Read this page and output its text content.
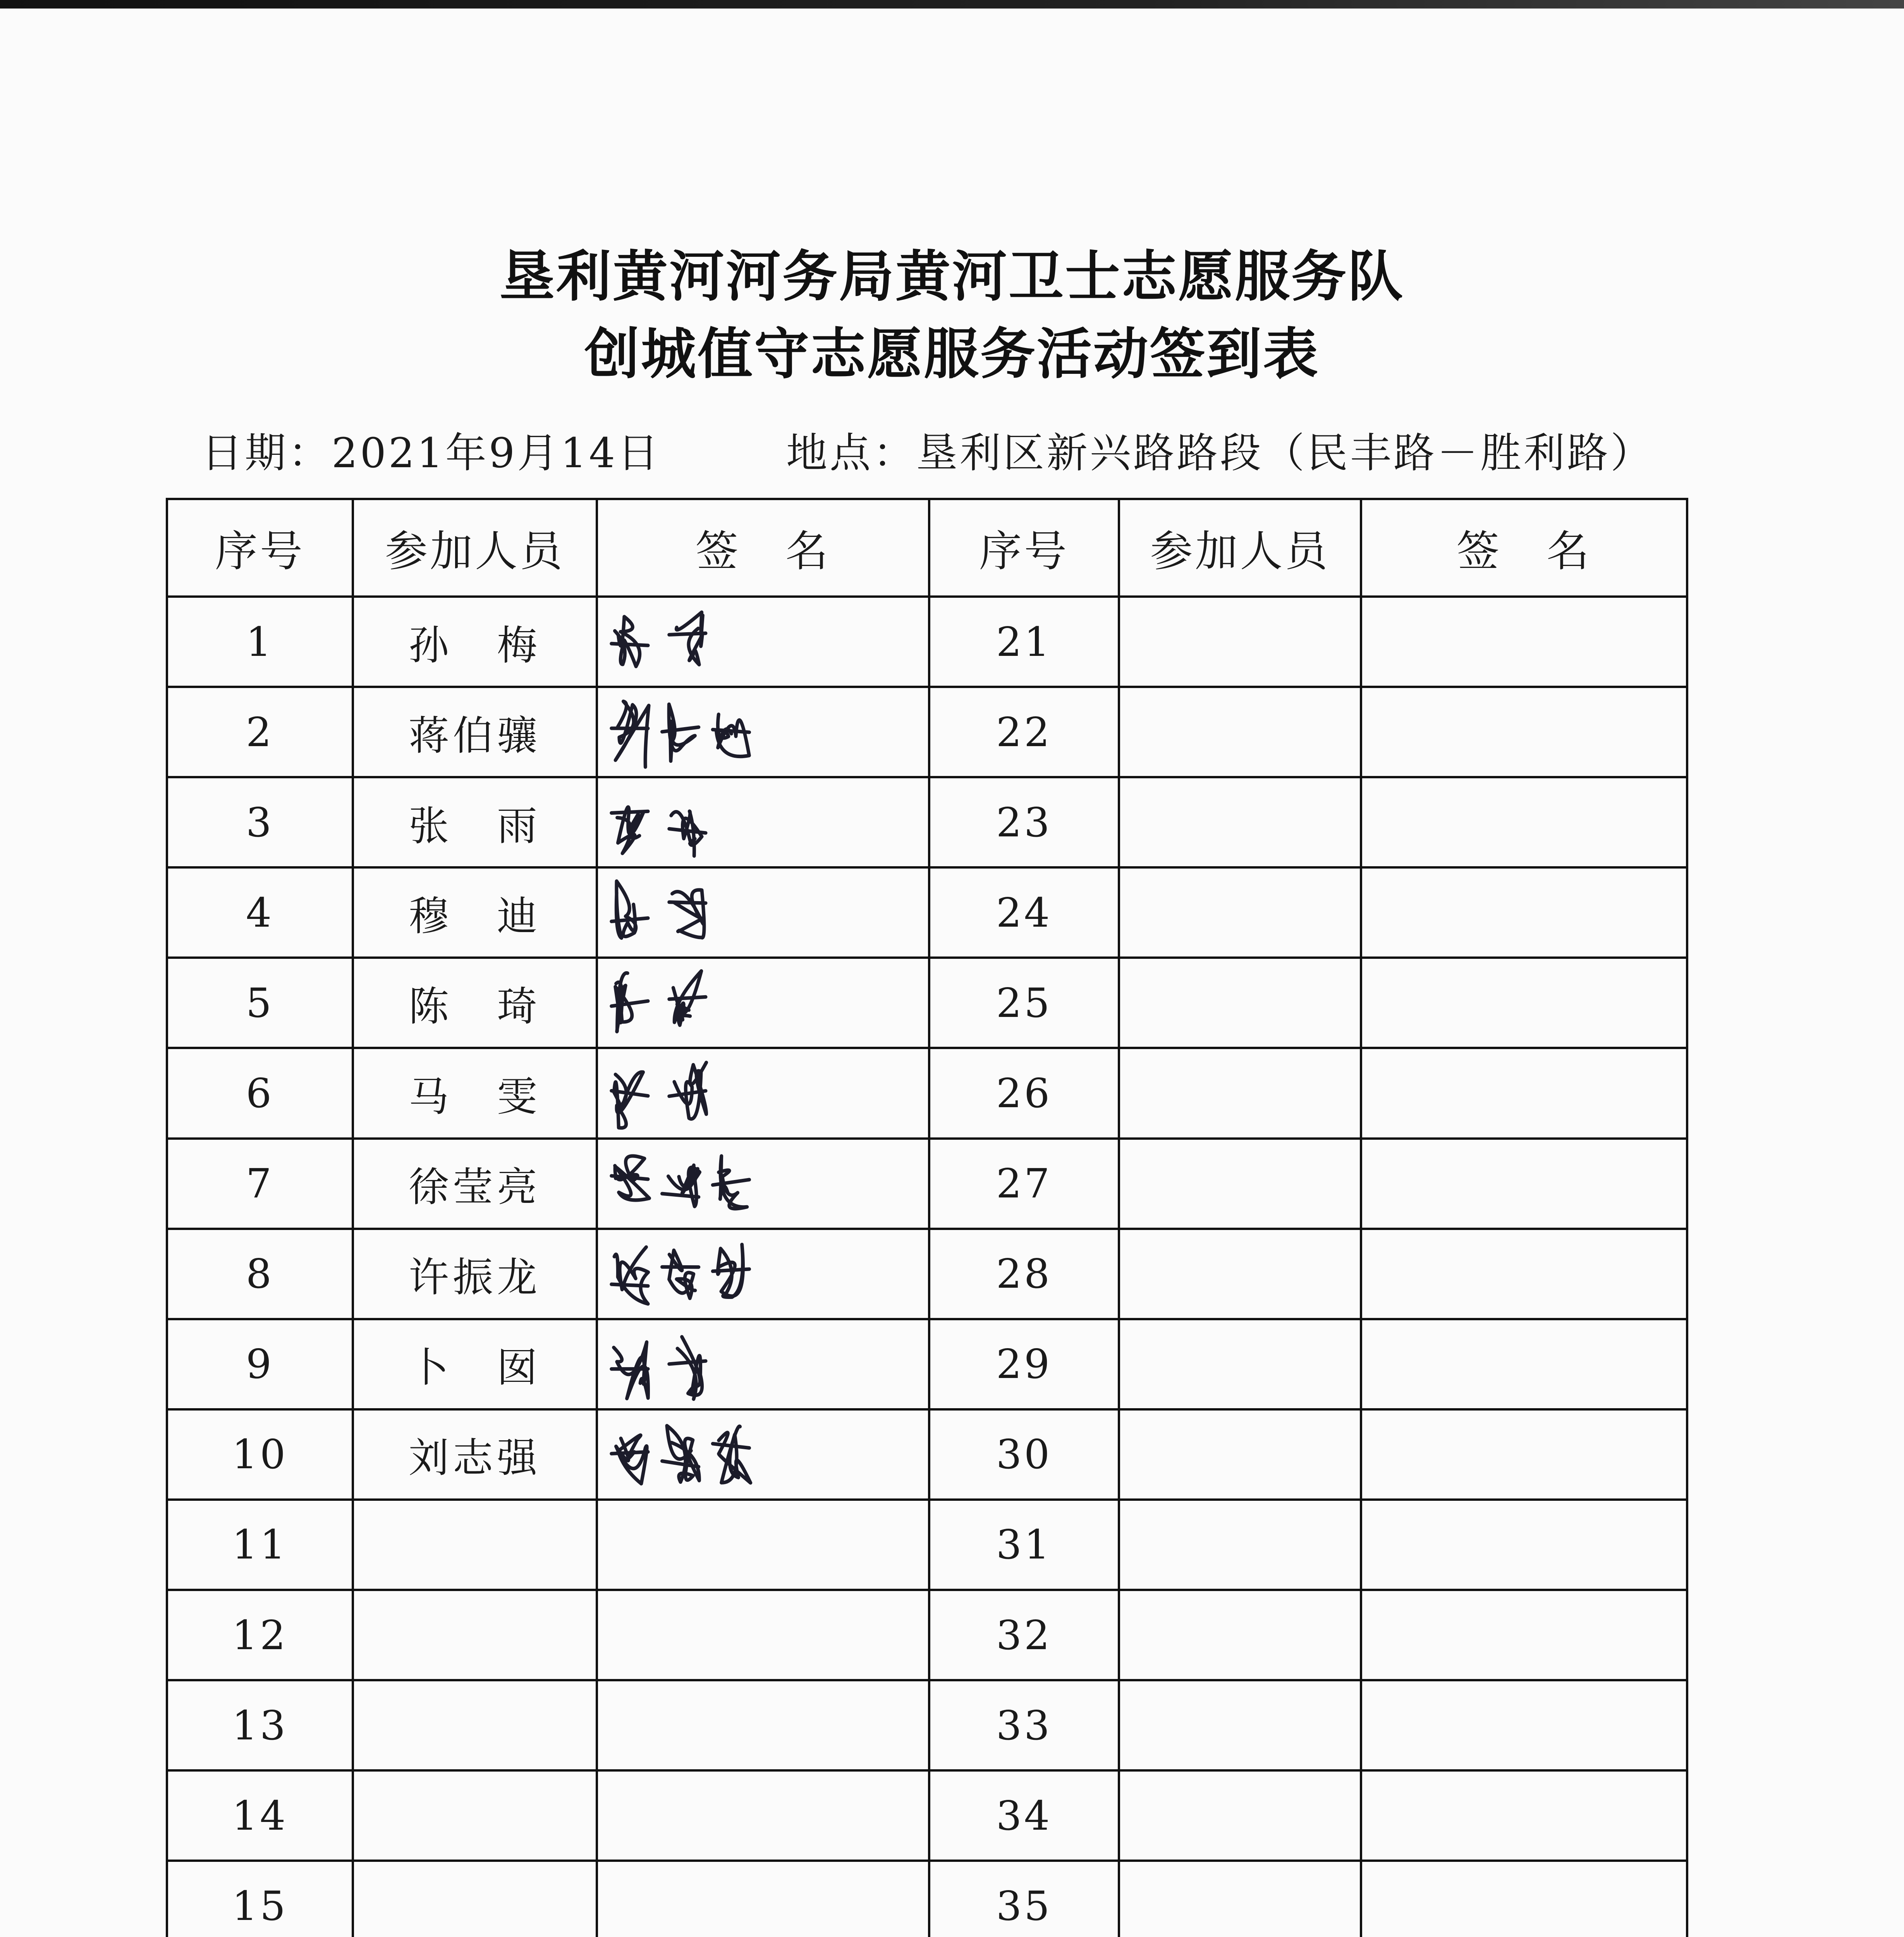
垦利黄河河务局黄河卫士志愿服务队
创城值守志愿服务活动签到表
日期：2021年9月14日	地点：垦利区新兴路路段（民丰路－胜利路）
序号	参加人员	签　名	序号	参加人员	签　名
1	孙　梅		21		
2	蒋伯骧		22		
3	张　雨		23		
4	穆　迪		24		
5	陈　琦		25		
6	马　雯		26		
7	徐莹亮		27		
8	许振龙		28		
9	卜　囡		29		
10	刘志强		30		
11			31		
12			32		
13			33		
14			34		
15			35		
